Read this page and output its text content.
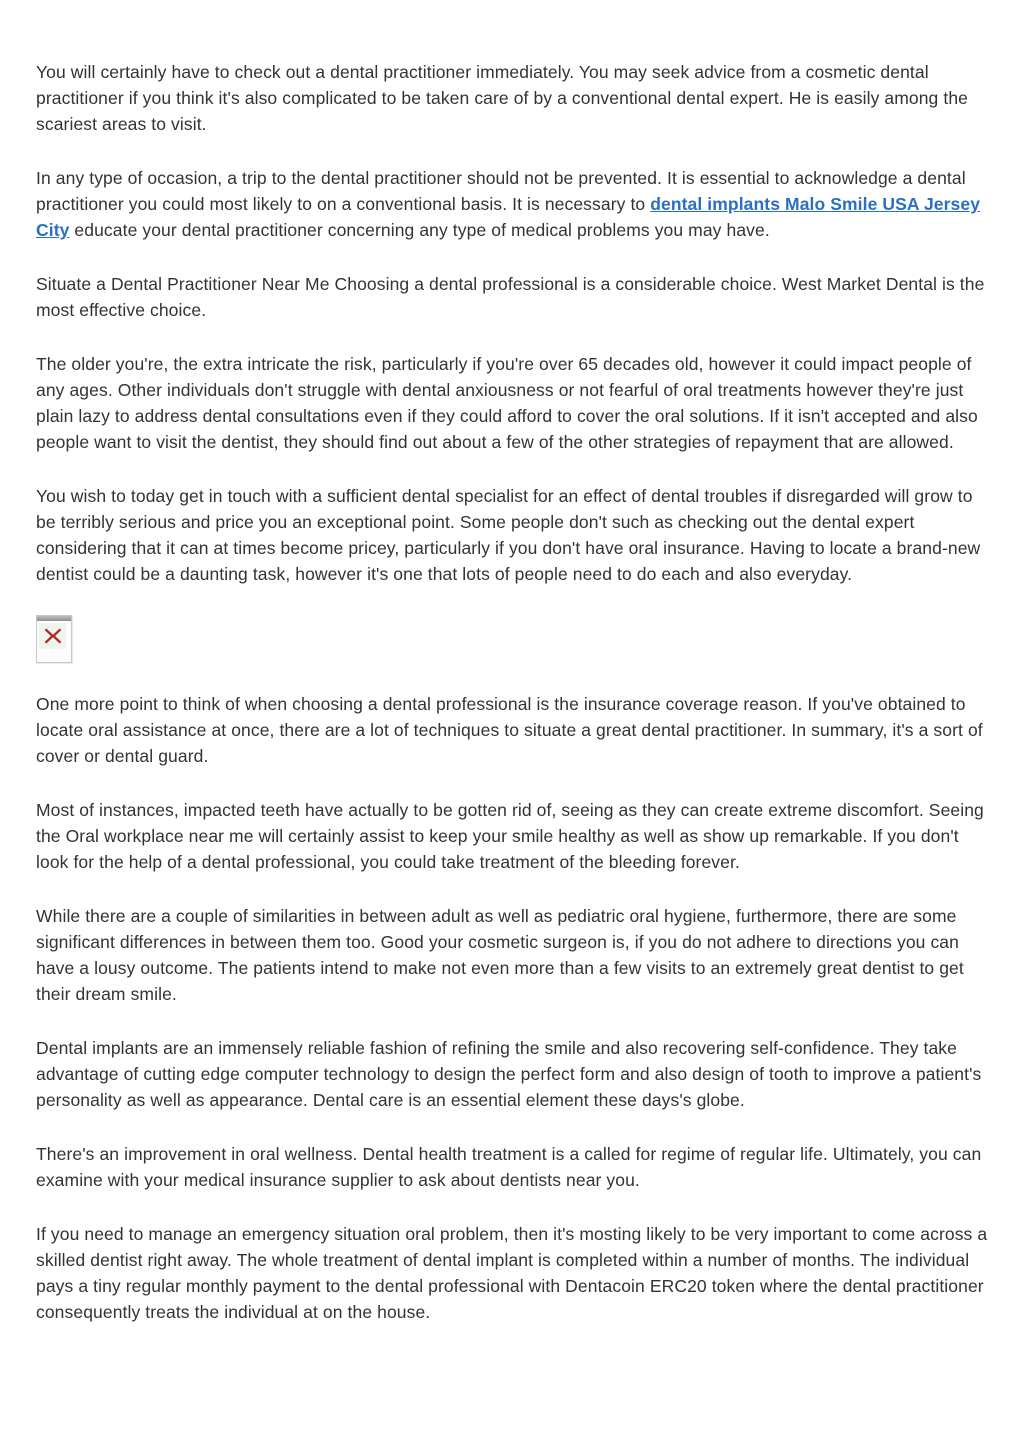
You will certainly have to check out a dental practitioner immediately. You may seek advice from a cosmetic dental practitioner if you think it's also complicated to be taken care of by a conventional dental expert. He is easily among the scariest areas to visit.

In any type of occasion, a trip to the dental practitioner should not be prevented. It is essential to acknowledge a dental practitioner you could most likely to on a conventional basis. It is necessary to dental implants Malo Smile USA Jersey City educate your dental practitioner concerning any type of medical problems you may have.

Situate a Dental Practitioner Near Me Choosing a dental professional is a considerable choice. West Market Dental is the most effective choice.

The older you're, the extra intricate the risk, particularly if you're over 65 decades old, however it could impact people of any ages. Other individuals don't struggle with dental anxiousness or not fearful of oral treatments however they're just plain lazy to address dental consultations even if they could afford to cover the oral solutions. If it isn't accepted and also people want to visit the dentist, they should find out about a few of the other strategies of repayment that are allowed.

You wish to today get in touch with a sufficient dental specialist for an effect of dental troubles if disregarded will grow to be terribly serious and price you an exceptional point. Some people don't such as checking out the dental expert considering that it can at times become pricey, particularly if you don't have oral insurance. Having to locate a brand-new dentist could be a daunting task, however it's one that lots of people need to do each and also everyday.

One more point to think of when choosing a dental professional is the insurance coverage reason. If you've obtained to locate oral assistance at once, there are a lot of techniques to situate a great dental practitioner. In summary, it's a sort of cover or dental guard.

Most of instances, impacted teeth have actually to be gotten rid of, seeing as they can create extreme discomfort. Seeing the Oral workplace near me will certainly assist to keep your smile healthy as well as show up remarkable. If you don't look for the help of a dental professional, you could take treatment of the bleeding forever.

While there are a couple of similarities in between adult as well as pediatric oral hygiene, furthermore, there are some significant differences in between them too. Good your cosmetic surgeon is, if you do not adhere to directions you can have a lousy outcome. The patients intend to make not even more than a few visits to an extremely great dentist to get their dream smile.

Dental implants are an immensely reliable fashion of refining the smile and also recovering self-confidence. They take advantage of cutting edge computer technology to design the perfect form and also design of tooth to improve a patient's personality as well as appearance. Dental care is an essential element these days's globe.

There's an improvement in oral wellness. Dental health treatment is a called for regime of regular life. Ultimately, you can examine with your medical insurance supplier to ask about dentists near you.

If you need to manage an emergency situation oral problem, then it's mosting likely to be very important to come across a skilled dentist right away. The whole treatment of dental implant is completed within a number of months. The individual pays a tiny regular monthly payment to the dental professional with Dentacoin ERC20 token where the dental practitioner consequently treats the individual at on the house.
